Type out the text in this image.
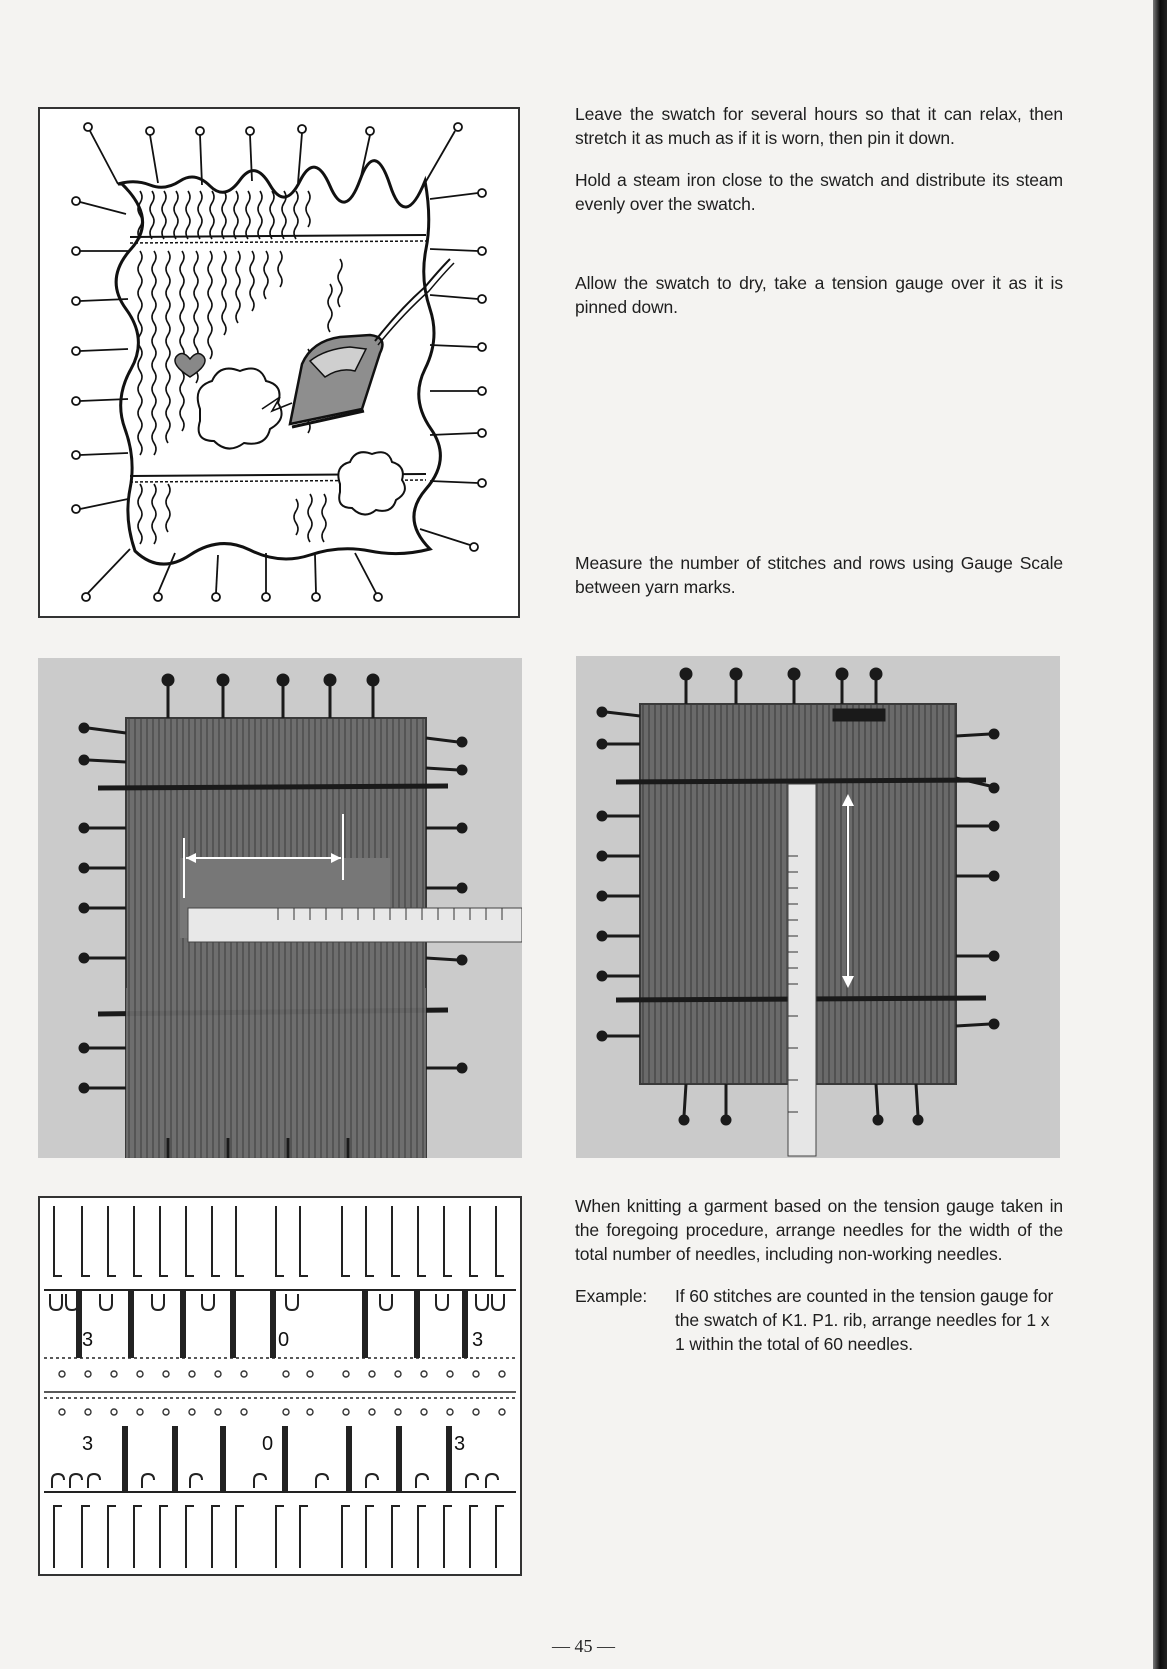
Leave the swatch for several hours so that it can relax, then stretch it as much as if it is worn, then pin it down.

Hold a steam iron close to the swatch and distribute its steam evenly over the swatch.

Allow the swatch to dry, take a tension gauge over it as it is pinned down.

Measure the number of stitches and rows using Gauge Scale between yarn marks.

3	0	3
3	0	3

When knitting a garment based on the tension gauge taken in the foregoing procedure, arrange needles for the width of the total number of needles, including non-working needles.

Example:	If 60 stitches are counted in the tension gauge for the swatch of K1. P1. rib, arrange needles for 1 x 1 within the total of 60 needles.
— 45 —
